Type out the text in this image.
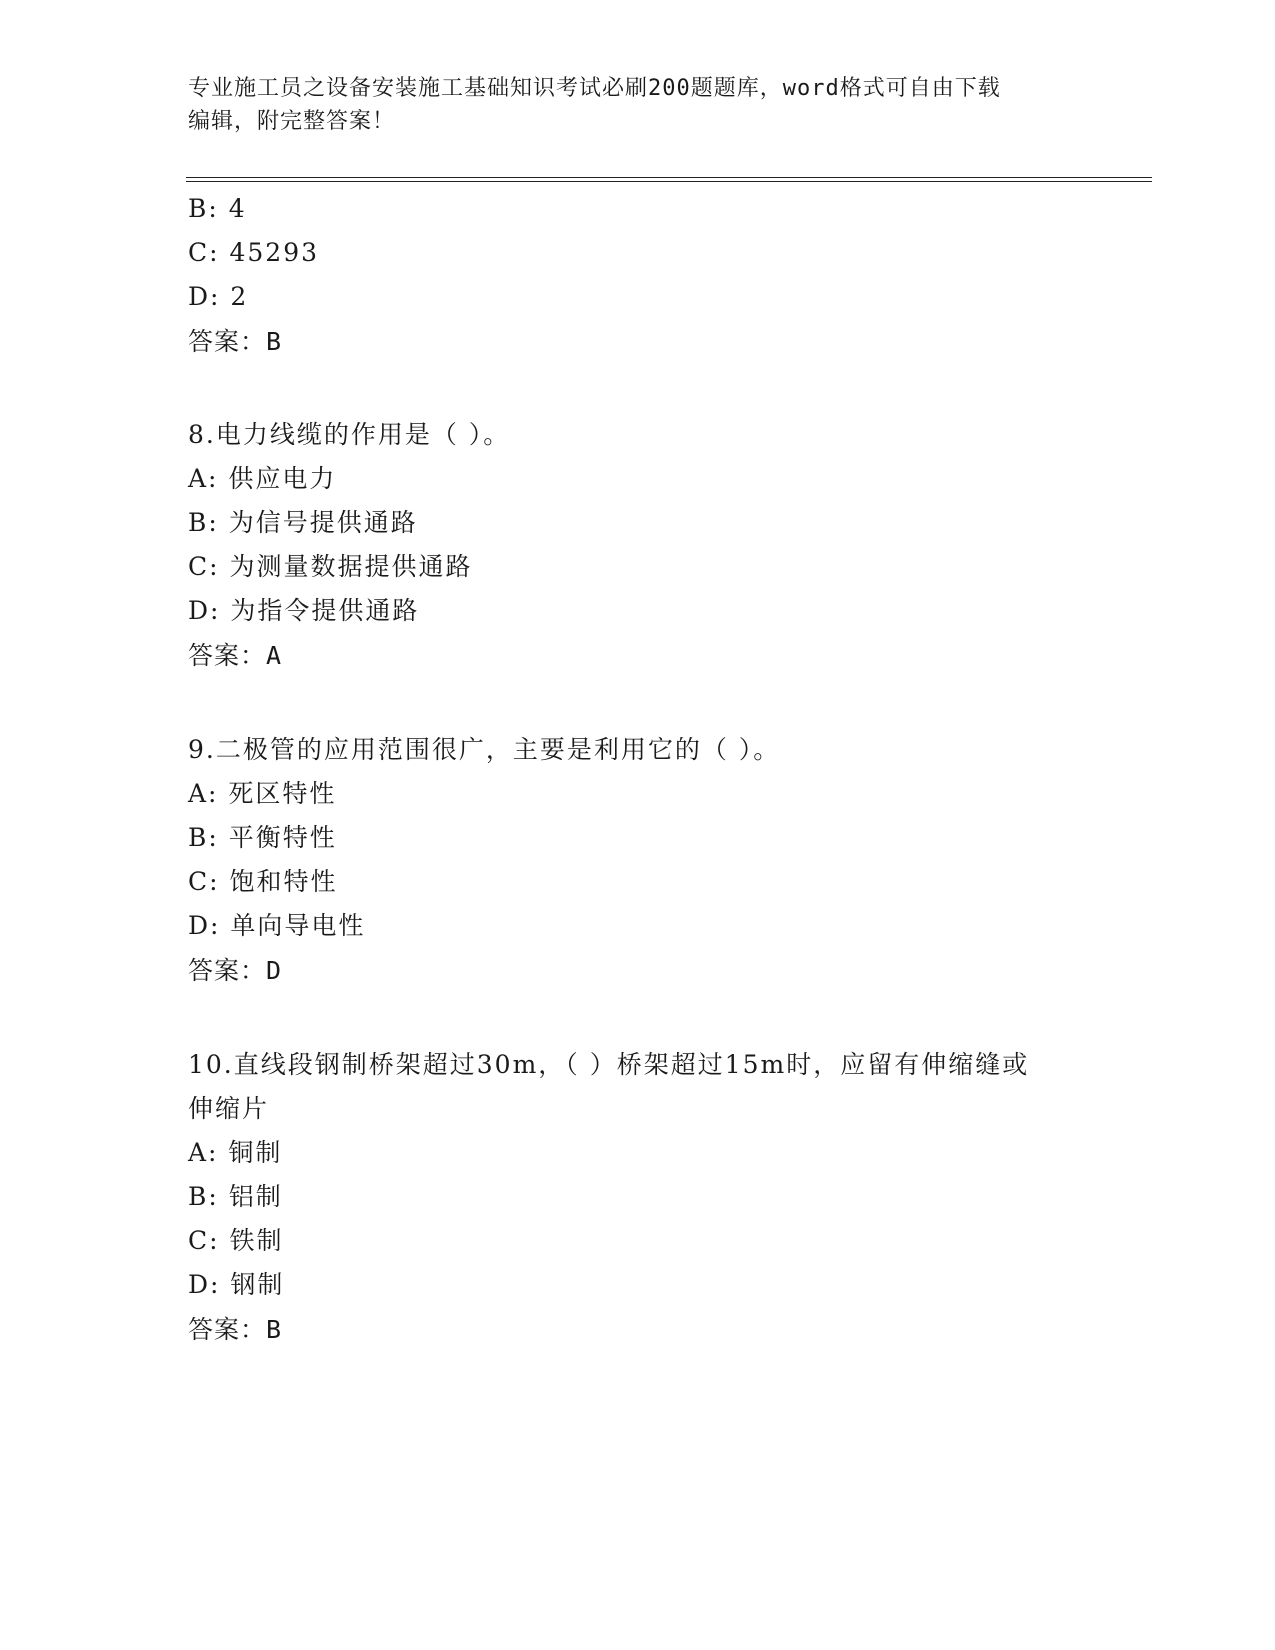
专业施工员之设备安装施工基础知识考试必刷200题题库，word格式可自由下载
编辑，附完整答案！
B: 4
C: 45293
D: 2
答案：B
8.电力线缆的作用是（ ）。
A: 供应电力
B: 为信号提供通路
C: 为测量数据提供通路
D: 为指令提供通路
答案：A
9.二极管的应用范围很广，主要是利用它的（ ）。
A: 死区特性
B: 平衡特性
C: 饱和特性
D: 单向导电性
答案：D
10.直线段钢制桥架超过30m，（ ）桥架超过15m时，应留有伸缩缝或
伸缩片
A: 铜制
B: 铝制
C: 铁制
D: 钢制
答案：B
